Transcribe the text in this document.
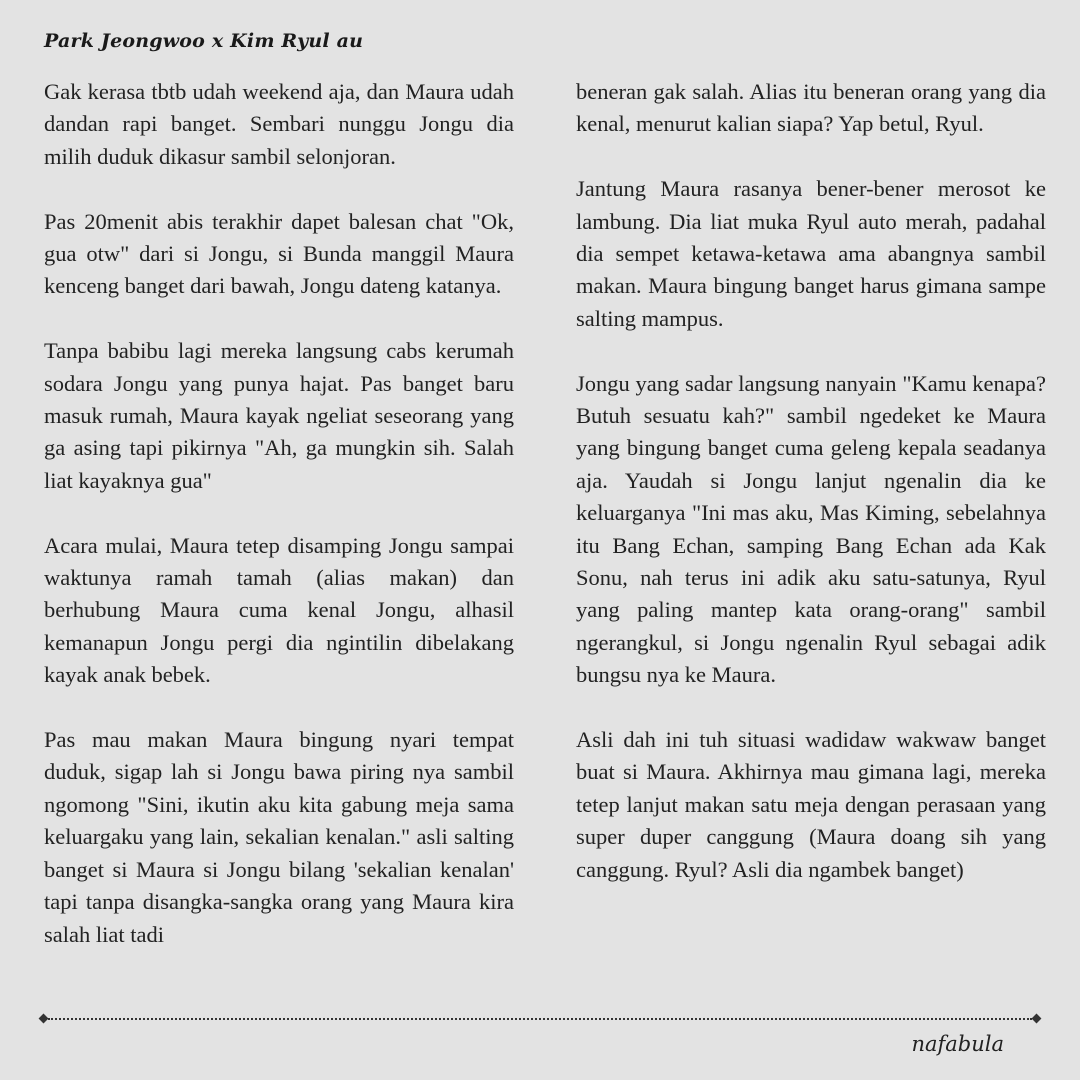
Park Jeongwoo x Kim Ryul au

Gak kerasa tbtb udah weekend aja, dan Maura udah dandan rapi banget. Sembari nunggu Jongu dia milih duduk dikasur sambil selonjoran.

Pas 20menit abis terakhir dapet balesan chat "Ok, gua otw" dari si Jongu, si Bunda manggil Maura kenceng banget dari bawah, Jongu dateng katanya.

Tanpa babibu lagi mereka langsung cabs kerumah sodara Jongu yang punya hajat. Pas banget baru masuk rumah, Maura kayak ngeliat seseorang yang ga asing tapi pikirnya "Ah, ga mungkin sih. Salah liat kayaknya gua"

Acara mulai, Maura tetep disamping Jongu sampai waktunya ramah tamah (alias makan) dan berhubung Maura cuma kenal Jongu, alhasil kemanapun Jongu pergi dia ngintilin dibelakang kayak anak bebek.

Pas mau makan Maura bingung nyari tempat duduk, sigap lah si Jongu bawa piring nya sambil ngomong "Sini, ikutin aku kita gabung meja sama keluargaku yang lain, sekalian kenalan." asli salting banget si Maura si Jongu bilang 'sekalian kenalan' tapi tanpa disangka-sangka orang yang Maura kira salah liat tadi

beneran gak salah. Alias itu beneran orang yang dia kenal, menurut kalian siapa? Yap betul, Ryul.

Jantung Maura rasanya bener-bener merosot ke lambung. Dia liat muka Ryul auto merah, padahal dia sempet ketawa-ketawa ama abangnya sambil makan. Maura bingung banget harus gimana sampe salting mampus.

Jongu yang sadar langsung nanyain "Kamu kenapa? Butuh sesuatu kah?" sambil ngedeket ke Maura yang bingung banget cuma geleng kepala seadanya aja. Yaudah si Jongu lanjut ngenalin dia ke keluarganya "Ini mas aku, Mas Kiming, sebelahnya itu Bang Echan, samping Bang Echan ada Kak Sonu, nah terus ini adik aku satu-satunya, Ryul yang paling mantep kata orang-orang" sambil ngerangkul, si Jongu ngenalin Ryul sebagai adik bungsu nya ke Maura.

Asli dah ini tuh situasi wadidaw wakwaw banget buat si Maura. Akhirnya mau gimana lagi, mereka tetep lanjut makan satu meja dengan perasaan yang super duper canggung (Maura doang sih yang canggung. Ryul? Asli dia ngambek banget)

nafabula
